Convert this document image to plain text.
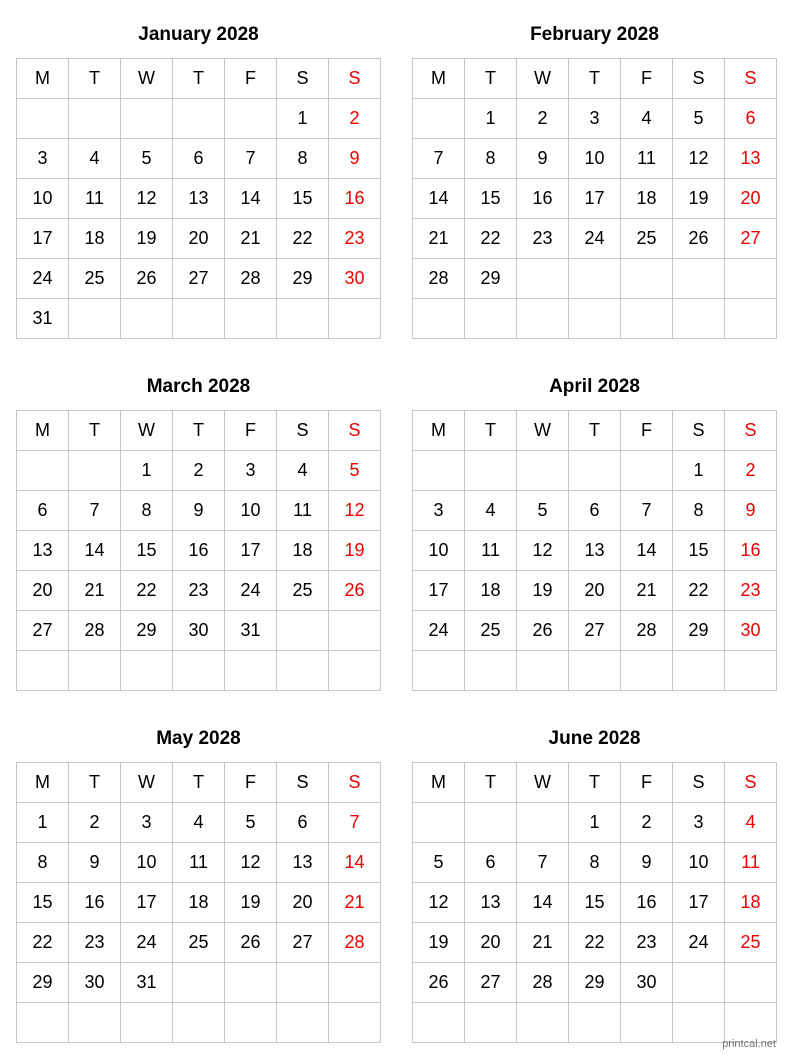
January 2028
M	T	W	T	F	S	S
					1	2
3	4	5	6	7	8	9
10	11	12	13	14	15	16
17	18	19	20	21	22	23
24	25	26	27	28	29	30
31						
February 2028
M	T	W	T	F	S	S
	1	2	3	4	5	6
7	8	9	10	11	12	13
14	15	16	17	18	19	20
21	22	23	24	25	26	27
28	29					

March 2028
M	T	W	T	F	S	S
		1	2	3	4	5
6	7	8	9	10	11	12
13	14	15	16	17	18	19
20	21	22	23	24	25	26
27	28	29	30	31		

April 2028
M	T	W	T	F	S	S
					1	2
3	4	5	6	7	8	9
10	11	12	13	14	15	16
17	18	19	20	21	22	23
24	25	26	27	28	29	30

May 2028
M	T	W	T	F	S	S
1	2	3	4	5	6	7
8	9	10	11	12	13	14
15	16	17	18	19	20	21
22	23	24	25	26	27	28
29	30	31				

June 2028
M	T	W	T	F	S	S
			1	2	3	4
5	6	7	8	9	10	11
12	13	14	15	16	17	18
19	20	21	22	23	24	25
26	27	28	29	30		

printcal.net
